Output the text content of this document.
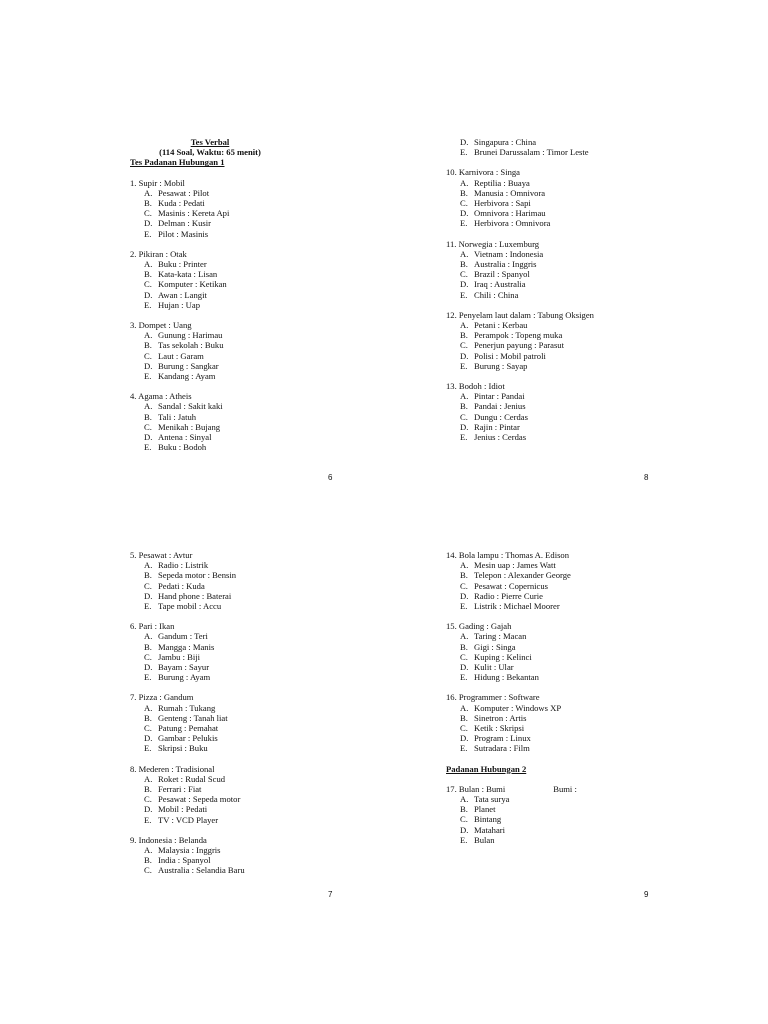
Tes Verbal
(114 Soal, Waktu: 65 menit)
Tes Padanan Hubungan 1
1. Supir : Mobil
A. Pesawat : Pilot
B. Kuda : Pedati
C. Masinis : Kereta Api
D. Delman : Kusir
E. Pilot : Masinis
2. Pikiran : Otak
A. Buku : Printer
B. Kata-kata : Lisan
C. Komputer : Ketikan
D. Awan : Langit
E. Hujan : Uap
3. Dompet : Uang
A. Gunung : Harimau
B. Tas sekolah : Buku
C. Laut : Garam
D. Burung : Sangkar
E. Kandang : Ayam
4. Agama : Atheis
A. Sandal : Sakit kaki
B. Tali : Jatuh
C. Menikah : Bujang
D. Antena : Sinyal
E. Buku : Bodoh
D. Singapura : China
E. Brunei Darussalam : Timor Leste
10. Karnivora : Singa
A. Reptilia : Buaya
B. Manusia : Omnivora
C. Herbivora : Sapi
D. Omnivora : Harimau
E. Herbivora : Omnivora
11. Norwegia : Luxemburg
A. Vietnam : Indonesia
B. Australia : Inggris
C. Brazil : Spanyol
D. Iraq : Australia
E. Chili : China
12. Penyelam laut dalam : Tabung Oksigen
A. Petani : Kerbau
B. Perampok : Topeng muka
C. Penerjun payung : Parasut
D. Polisi : Mobil patroli
E. Burung : Sayap
13. Bodoh : Idiot
A. Pintar : Pandai
B. Pandai : Jenius
C. Dungu : Cerdas
D. Rajin : Pintar
E. Jenius : Cerdas
5. Pesawat : Avtur
A. Radio : Listrik
B. Sepeda motor : Bensin
C. Pedati : Kuda
D. Hand phone : Baterai
E. Tape mobil : Accu
6. Pari : Ikan
A. Gandum : Teri
B. Mangga : Manis
C. Jambu : Biji
D. Bayam : Sayur
E. Burung : Ayam
7. Pizza : Gandum
A. Rumah : Tukang
B. Genteng : Tanah liat
C. Patung : Pemahat
D. Gambar : Pelukis
E. Skripsi : Buku
8. Mederen : Tradisional
A. Roket : Rudal Scud
B. Ferrari : Fiat
C. Pesawat : Sepeda motor
D. Mobil : Pedati
E. TV : VCD Player
9. Indonesia : Belanda
A. Malaysia : Inggris
B. India : Spanyol
C. Australia : Selandia Baru
14. Bola lampu : Thomas A. Edison
A. Mesin uap : James Watt
B. Telepon : Alexander George
C. Pesawat : Copernicus
D. Radio : Pierre Curie
E. Listrik : Michael Moorer
15. Gading : Gajah
A. Taring : Macan
B. Gigi : Singa
C. Kuping : Kelinci
D. Kulit : Ular
E. Hidung : Bekantan
16. Programmer : Software
A. Komputer : Windows XP
B. Sinetron : Artis
C. Ketik : Skripsi
D. Program : Linux
E. Sutradara : Film
Padanan Hubungan 2
17. Bulan : Bumi	Bumi :
A. Tata surya
B. Planet
C. Bintang
D. Matahari
E. Bulan
6	8
7	9
